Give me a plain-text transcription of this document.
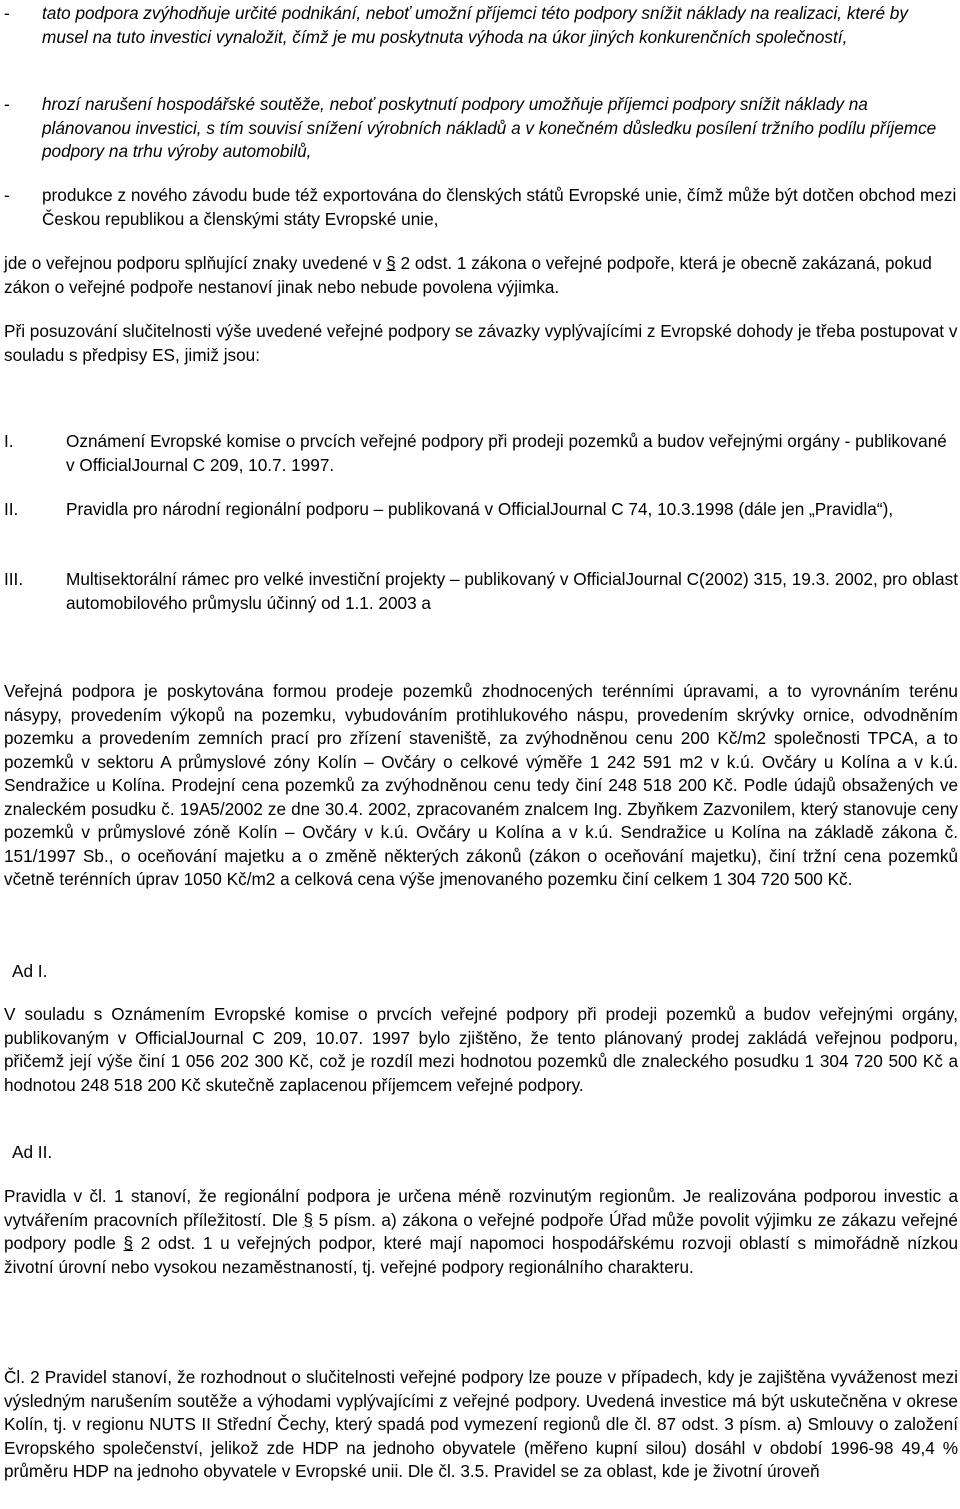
-	tato podpora zvýhodňuje určité podnikání, neboť umožní příjemci této podpory snížit náklady na realizaci, které by musel na tuto investici vynaložit, čímž je mu poskytnuta výhoda na úkor jiných konkurenčních společností,
-	hrozí narušení hospodářské soutěže, neboť poskytnutí podpory umožňuje příjemci podpory snížit náklady na plánovanou investici, s tím souvisí snížení výrobních nákladů a v konečném důsledku posílení tržního podílu příjemce podpory na trhu výroby automobilů,
-	produkce z nového závodu bude též exportována do členských států Evropské unie, čímž může být dotčen obchod mezi Českou republikou a členskými státy Evropské unie,

jde o veřejnou podporu splňující znaky uvedené v § 2 odst. 1 zákona o veřejné podpoře, která je obecně zakázaná, pokud zákon o veřejné podpoře nestanoví jinak nebo nebude povolena výjimka.

Při posuzování slučitelnosti výše uvedené veřejné podpory se závazky vyplývajícími z Evropské dohody je třeba postupovat v souladu s předpisy ES, jimiž jsou:

I.	Oznámení Evropské komise o prvcích veřejné podpory při prodeji pozemků a budov veřejnými orgány - publikované v OfficialJournal C 209, 10.7. 1997.
II.	Pravidla pro národní regionální podporu – publikovaná v OfficialJournal C 74, 10.3.1998 (dále jen „Pravidla“),
III.	Multisektorální rámec pro velké investiční projekty – publikovaný v OfficialJournal C(2002) 315, 19.3. 2002, pro oblast automobilového průmyslu účinný od 1.1. 2003 a

Veřejná podpora je poskytována formou prodeje pozemků zhodnocených terénními úpravami, a to vyrovnáním terénu násypy, provedením výkopů na pozemku, vybudováním protihlukového náspu, provedením skrývky ornice, odvodněním pozemku a provedením zemních prací pro zřízení staveniště, za zvýhodněnou cenu 200 Kč/m2 společnosti TPCA, a to pozemků v sektoru A průmyslové zóny Kolín – Ovčáry o celkové výměře 1 242 591 m2 v k.ú. Ovčáry u Kolína a v k.ú. Sendražice u Kolína. Prodejní cena pozemků za zvýhodněnou cenu tedy činí 248 518 200 Kč. Podle údajů obsažených ve znaleckém posudku č. 19A5/2002 ze dne 30.4. 2002, zpracovaném znalcem Ing. Zbyňkem Zazvonilem, který stanovuje ceny pozemků v průmyslové zóně Kolín – Ovčáry v k.ú. Ovčáry u Kolína a v k.ú. Sendražice u Kolína na základě zákona č. 151/1997 Sb., o oceňování majetku a o změně některých zákonů (zákon o oceňování majetku), činí tržní cena pozemků včetně terénních úprav 1050 Kč/m2 a celková cena výše jmenovaného pozemku činí celkem 1 304 720 500 Kč.

Ad I.

V souladu s Oznámením Evropské komise o prvcích veřejné podpory při prodeji pozemků a budov veřejnými orgány, publikovaným v OfficialJournal C 209, 10.07. 1997 bylo zjištěno, že tento plánovaný prodej zakládá veřejnou podporu, přičemž její výše činí 1 056 202 300 Kč, což je rozdíl mezi hodnotou pozemků dle znaleckého posudku 1 304 720 500 Kč a hodnotou 248 518 200 Kč skutečně zaplacenou příjemcem veřejné podpory.

Ad II.

Pravidla v čl. 1 stanoví, že regionální podpora je určena méně rozvinutým regionům. Je realizována podporou investic a vytvářením pracovních příležitostí. Dle § 5 písm. a) zákona o veřejné podpoře Úřad může povolit výjimku ze zákazu veřejné podpory podle § 2 odst. 1 u veřejných podpor, které mají napomoci hospodářskému rozvoji oblastí s mimořádně nízkou životní úrovní nebo vysokou nezaměstnaností, tj. veřejné podpory regionálního charakteru.

Čl. 2 Pravidel stanoví, že rozhodnout o slučitelnosti veřejné podpory lze pouze v případech, kdy je zajištěna vyváženost mezi výsledným narušením soutěže a výhodami vyplývajícími z veřejné podpory. Uvedená investice má být uskutečněna v okrese Kolín, tj. v regionu NUTS II Střední Čechy, který spadá pod vymezení regionů dle čl. 87 odst. 3 písm. a) Smlouvy o založení Evropského společenství, jelikož zde HDP na jednoho obyvatele (měřeno kupní silou) dosáhl v období 1996-98 49,4 % průměru HDP na jednoho obyvatele v Evropské unii. Dle čl. 3.5. Pravidel se za oblast, kde je životní úroveň
